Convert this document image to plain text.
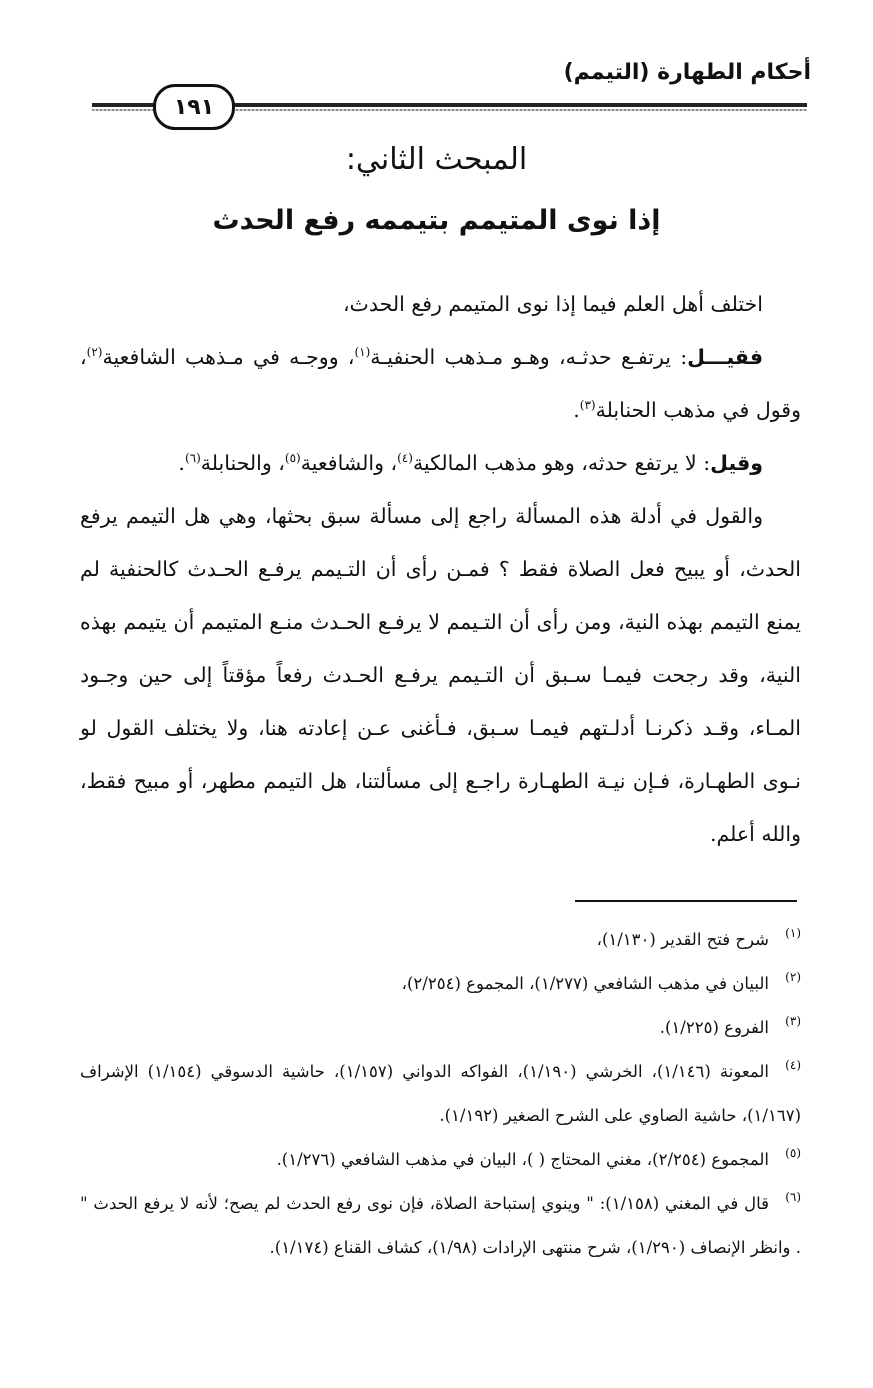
أحكام الطهارة (التيمم)
١٩١
المبحث الثاني:
إذا نوى المتيمم بتيممه رفع الحدث

اختلف أهل العلم فيما إذا نوى المتيمم رفع الحدث،

فقيـــل: يرتفـع حدثـه، وهـو مـذهب الحنفيـة$^{(١)}$، ووجـه في مـذهب الشافعية$^{(٢)}$، وقول في مذهب الحنابلة$^{(٣)}$.

وقيل: لا يرتفع حدثه، وهو مذهب المالكية$^{(٤)}$، والشافعية$^{(٥)}$، والحنابلة$^{(٦)}$.

والقول في أدلة هذه المسألة راجع إلى مسألة سبق بحثها، وهي هل التيمم يرفع الحدث، أو يبيح فعل الصلاة فقط ؟ فمـن رأى أن التـيمم يرفـع الحـدث كالحنفية لم يمنع التيمم بهذه النية، ومن رأى أن التـيمم لا يرفـع الحـدث منـع المتيمم أن يتيمم بهذه النية، وقد رجحت فيمـا سـبق أن التـيمم يرفـع الحـدث رفعاً مؤقتاً إلى حين وجـود المـاء، وقـد ذكرنـا أدلـتهم فيمـا سـبق، فـأغنى عـن إعادته هنا، ولا يختلف القول لو نـوى الطهـارة، فـإن نيـة الطهـارة راجـع إلى مسألتنا، هل التيمم مطهر، أو مبيح فقط، والله أعلم.

(١)شرح فتح القدير (١/١٣٠)،

(٢)البيان في مذهب الشافعي (١/٢٧٧)، المجموع (٢/٢٥٤)،

(٣)الفروع (١/٢٢٥).

(٤)المعونة (١/١٤٦)، الخرشي (١/١٩٠)، الفواكه الدواني (١/١٥٧)، حاشية الدسوقي (١/١٥٤) الإشراف (١/١٦٧)، حاشية الصاوي على الشرح الصغير (١/١٩٢).

(٥)المجموع (٢/٢٥٤)، مغني المحتاج ( )، البيان في مذهب الشافعي (١/٢٧٦).

(٦)قال في المغني (١/١٥٨): " وينوي إستباحة الصلاة، فإن نوى رفع الحدث لم يصح؛ لأنه لا يرفع الحدث " . وانظر الإنصاف (١/٢٩٠)، شرح منتهى الإرادات (١/٩٨)، كشاف القناع (١/١٧٤).
